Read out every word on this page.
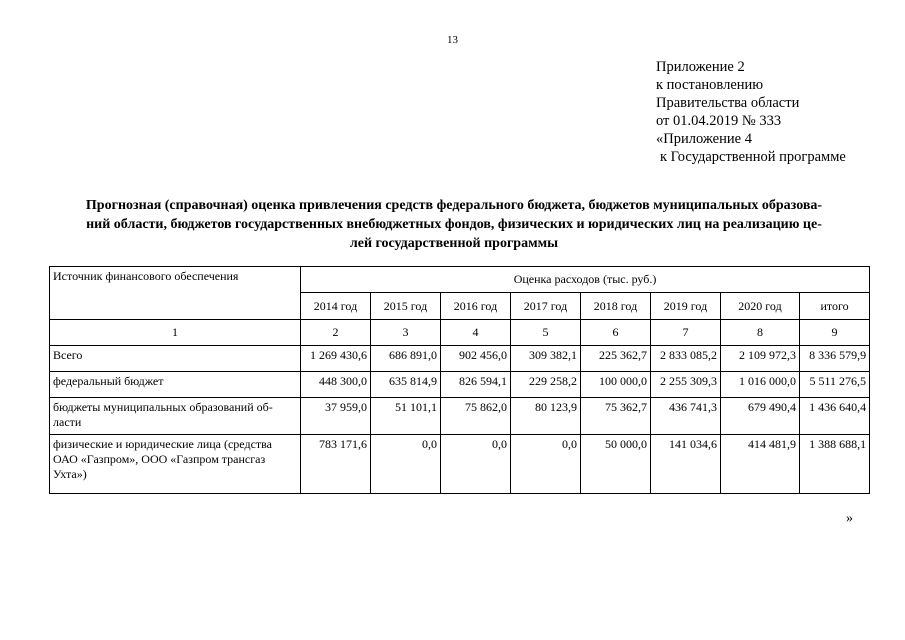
13
Приложение 2
к постановлению
Правительства области
от 01.04.2019 № 333
«Приложение 4
к Государственной программе
Прогнозная (справочная) оценка привлечения средств федерального бюджета, бюджетов муниципальных образова-
ний области, бюджетов государственных внебюджетных фондов, физических и юридических лиц на реализацию це-
лей государственной программы
Источник финансового обеспечения	Оценка расходов (тыс. руб.)							
	2014 год	2015 год	2016 год	2017 год	2018 год	2019 год	2020 год	итого
1	2	3	4	5	6	7	8	9
Всего	1 269 430,6	686 891,0	902 456,0	309 382,1	225 362,7	2 833 085,2	2 109 972,3	8 336 579,9
федеральный бюджет	448 300,0	635 814,9	826 594,1	229 258,2	100 000,0	2 255 309,3	1 016 000,0	5 511 276,5
бюджеты муниципальных образований об-ласти	37 959,0	51 101,1	75 862,0	80 123,9	75 362,7	436 741,3	679 490,4	1 436 640,4
физические и юридические лица (средства ОАО «Газпром», ООО «Газпром трансгаз Ухта»)	783 171,6	0,0	0,0	0,0	50 000,0	141 034,6	414 481,9	1 388 688,1
»
